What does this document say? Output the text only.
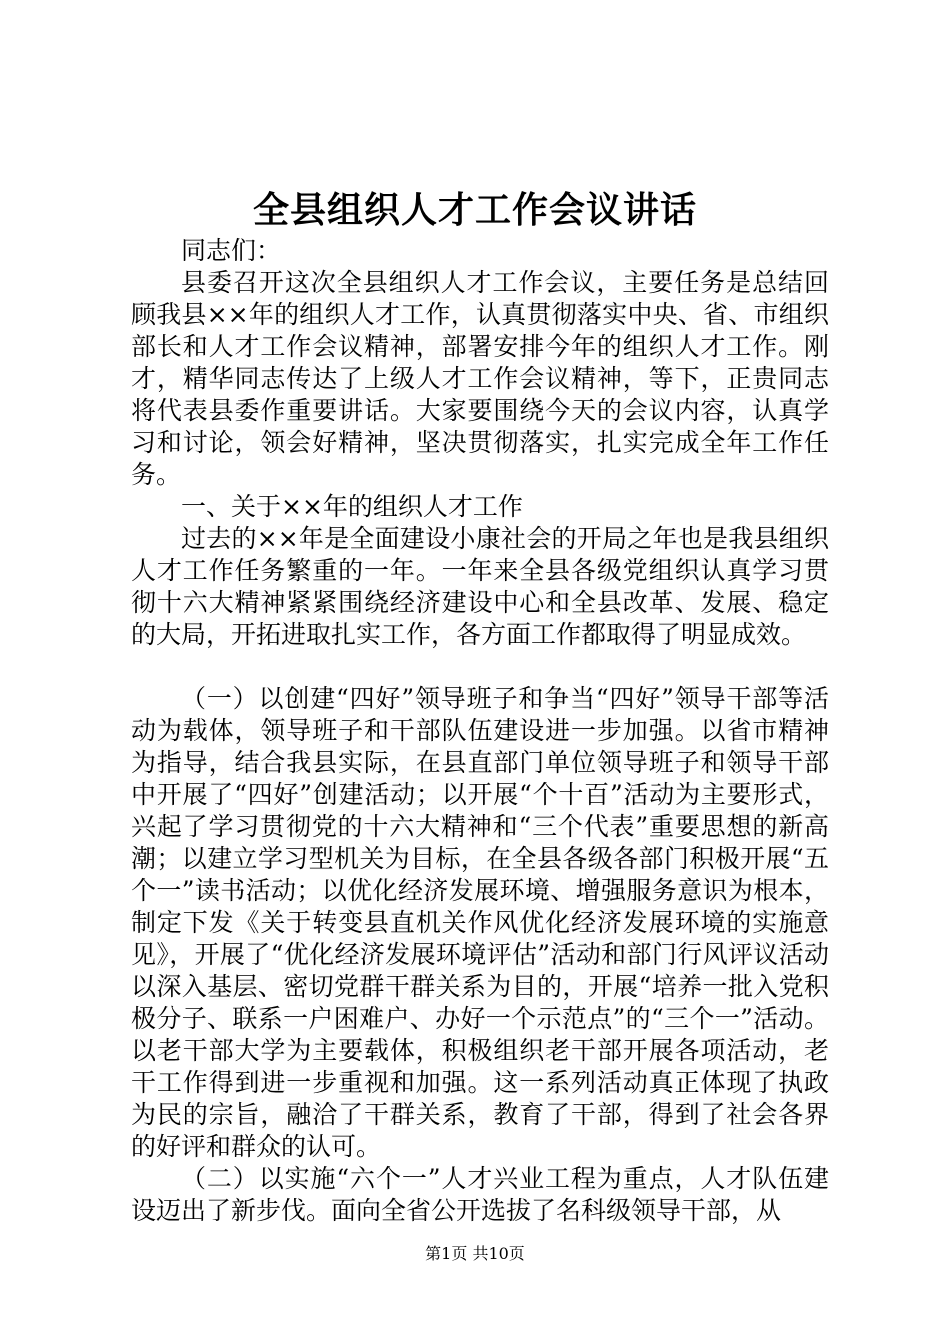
全县组织人才工作会议讲话

同志们：

县委召开这次全县组织人才工作会议，主要任务是总结回顾我县××年的组织人才工作，认真贯彻落实中央、省、市组织部长和人才工作会议精神，部署安排今年的组织人才工作。刚才，精华同志传达了上级人才工作会议精神，等下，正贵同志将代表县委作重要讲话。大家要围绕今天的会议内容，认真学习和讨论，领会好精神，坚决贯彻落实，扎实完成全年工作任务。

一、关于××年的组织人才工作

过去的××年是全面建设小康社会的开局之年也是我县组织人才工作任务繁重的一年。一年来全县各级党组织认真学习贯彻十六大精神紧紧围绕经济建设中心和全县改革、发展、稳定的大局，开拓进取扎实工作，各方面工作都取得了明显成效。

（一）以创建“四好”领导班子和争当“四好”领导干部等活动为载体，领导班子和干部队伍建设进一步加强。以省市精神为指导，结合我县实际，在县直部门单位领导班子和领导干部中开展了“四好”创建活动；以开展“个十百”活动为主要形式，兴起了学习贯彻党的十六大精神和“三个代表”重要思想的新高潮；以建立学习型机关为目标，在全县各级各部门积极开展“五个一”读书活动；以优化经济发展环境、增强服务意识为根本，制定下发《关于转变县直机关作风优化经济发展环境的实施意见》，开展了“优化经济发展环境评估”活动和部门行风评议活动以深入基层、密切党群干群关系为目的，开展“培养一批入党积极分子、联系一户困难户、办好一个示范点”的“三个一”活动。以老干部大学为主要载体，积极组织老干部开展各项活动，老干工作得到进一步重视和加强。这一系列活动真正体现了执政为民的宗旨，融洽了干群关系，教育了干部，得到了社会各界的好评和群众的认可。

（二）以实施“六个一”人才兴业工程为重点，人才队伍建设迈出了新步伐。面向全省公开选拔了名科级领导干部，从

第1页 共10页
